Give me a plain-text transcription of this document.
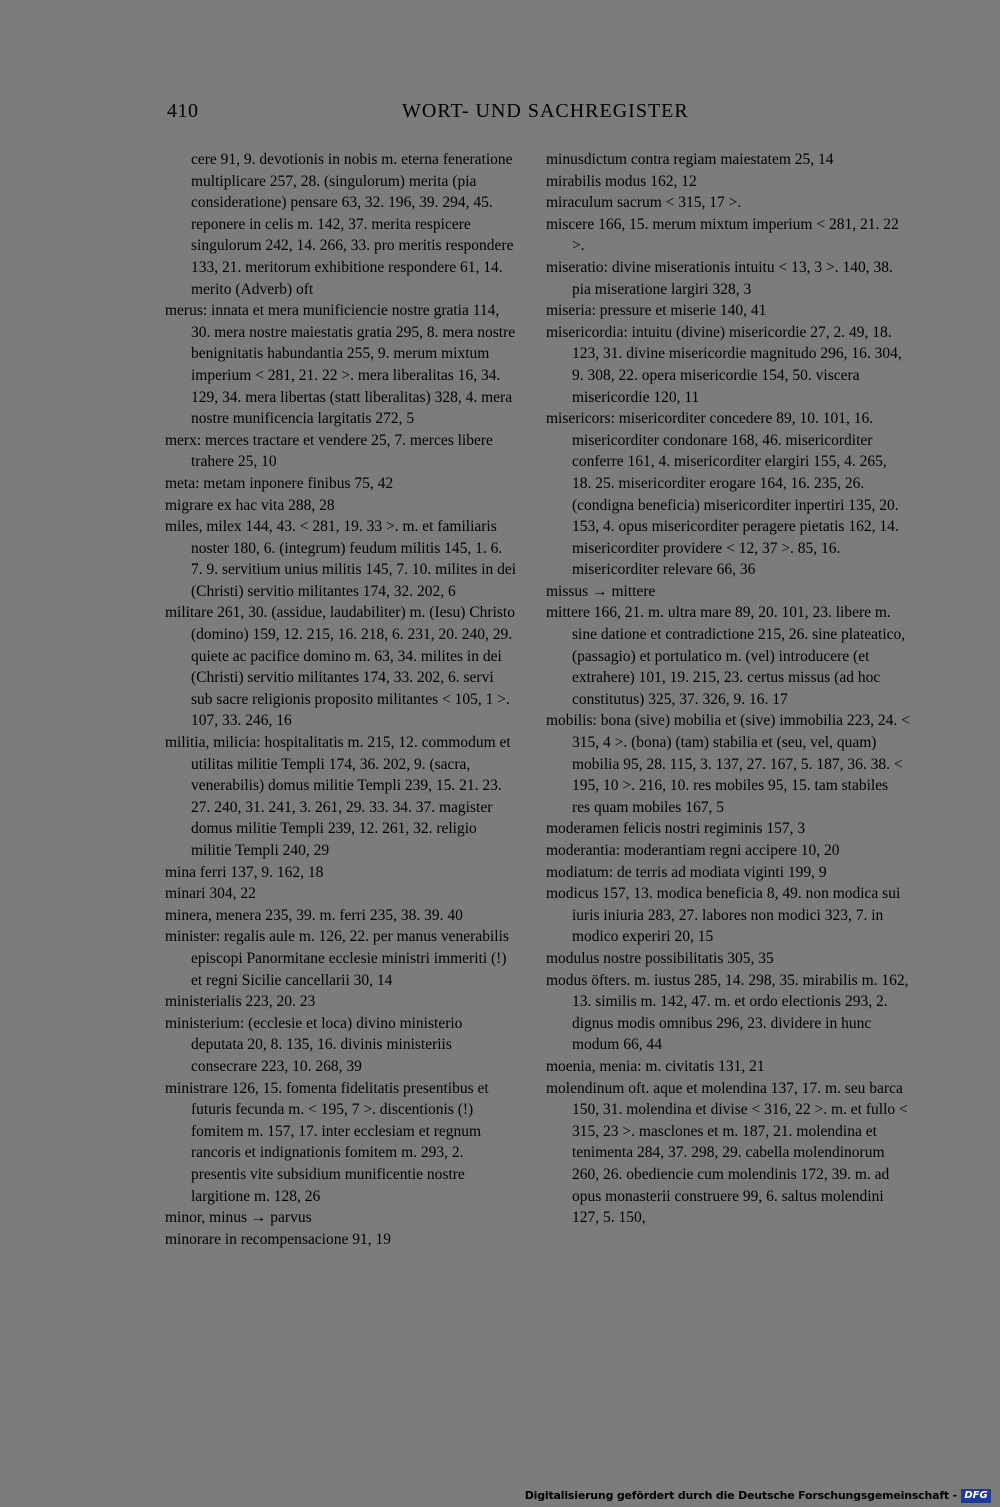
410	WORT- UND SACHREGISTER

cere 91, 9. devotionis in nobis m. eterna feneratione multiplicare 257, 28. (singulorum) merita (pia consideratione) pensare 63, 32. 196, 39. 294, 45. reponere in celis m. 142, 37. merita respicere singulorum 242, 14. 266, 33. pro meritis respondere 133, 21. meritorum exhibitione respondere 61, 14. merito (Adverb) oft

merus: innata et mera munificiencie nostre gratia 114, 30. mera nostre maiestatis gratia 295, 8. mera nostre benignitatis habundantia 255, 9. merum mixtum imperium < 281, 21. 22 >. mera liberalitas 16, 34. 129, 34. mera libertas (statt liberalitas) 328, 4. mera nostre munificencia largitatis 272, 5

merx: merces tractare et vendere 25, 7. merces libere trahere 25, 10

meta: metam inponere finibus 75, 42

migrare ex hac vita 288, 28

miles, milex 144, 43. < 281, 19. 33 >. m. et familiaris noster 180, 6. (integrum) feudum militis 145, 1. 6. 7. 9. servitium unius militis 145, 7. 10. milites in dei (Christi) servitio militantes 174, 32. 202, 6

militare 261, 30. (assidue, laudabiliter) m. (Iesu) Christo (domino) 159, 12. 215, 16. 218, 6. 231, 20. 240, 29. quiete ac pacifice domino m. 63, 34. milites in dei (Christi) servitio militantes 174, 33. 202, 6. servi sub sacre religionis proposito militantes < 105, 1 >. 107, 33. 246, 16

militia, milicia: hospitalitatis m. 215, 12. commodum et utilitas militie Templi 174, 36. 202, 9. (sacra, venerabilis) domus militie Templi 239, 15. 21. 23. 27. 240, 31. 241, 3. 261, 29. 33. 34. 37. magister domus militie Templi 239, 12. 261, 32. religio militie Templi 240, 29

mina ferri 137, 9. 162, 18

minari 304, 22

minera, menera 235, 39. m. ferri 235, 38. 39. 40

minister: regalis aule m. 126, 22. per manus venerabilis episcopi Panormitane ecclesie ministri immeriti (!) et regni Sicilie cancellarii 30, 14

ministerialis 223, 20. 23

ministerium: (ecclesie et loca) divino ministerio deputata 20, 8. 135, 16. divinis ministeriis consecrare 223, 10. 268, 39

ministrare 126, 15. fomenta fidelitatis presentibus et futuris fecunda m. < 195, 7 >. discentionis (!) fomitem m. 157, 17. inter ecclesiam et regnum rancoris et indignationis fomitem m. 293, 2. presentis vite subsidium munificentie nostre largitione m. 128, 26

minor, minus → parvus

minorare in recompensacione 91, 19

minusdictum contra regiam maiestatem 25, 14

mirabilis modus 162, 12

miraculum sacrum < 315, 17 >.

miscere 166, 15. merum mixtum imperium < 281, 21. 22 >.

miseratio: divine miserationis intuitu < 13, 3 >. 140, 38. pia miseratione largiri 328, 3

miseria: pressure et miserie 140, 41

misericordia: intuitu (divine) misericordie 27, 2. 49, 18. 123, 31. divine misericordie magnitudo 296, 16. 304, 9. 308, 22. opera misericordie 154, 50. viscera misericordie 120, 11

misericors: misericorditer concedere 89, 10. 101, 16. misericorditer condonare 168, 46. misericorditer conferre 161, 4. misericorditer elargiri 155, 4. 265, 18. 25. misericorditer erogare 164, 16. 235, 26. (condigna beneficia) misericorditer inpertiri 135, 20. 153, 4. opus misericorditer peragere pietatis 162, 14. misericorditer providere < 12, 37 >. 85, 16. misericorditer relevare 66, 36

missus → mittere

mittere 166, 21. m. ultra mare 89, 20. 101, 23. libere m. sine datione et contradictione 215, 26. sine plateatico, (passagio) et portulatico m. (vel) introducere (et extrahere) 101, 19. 215, 23. certus missus (ad hoc constitutus) 325, 37. 326, 9. 16. 17

mobilis: bona (sive) mobilia et (sive) immobilia 223, 24. < 315, 4 >. (bona) (tam) stabilia et (seu, vel, quam) mobilia 95, 28. 115, 3. 137, 27. 167, 5. 187, 36. 38. < 195, 10 >. 216, 10. res mobiles 95, 15. tam stabiles res quam mobiles 167, 5

moderamen felicis nostri regiminis 157, 3

moderantia: moderantiam regni accipere 10, 20

modiatum: de terris ad modiata viginti 199, 9

modicus 157, 13. modica beneficia 8, 49. non modica sui iuris iniuria 283, 27. labores non modici 323, 7. in modico experiri 20, 15

modulus nostre possibilitatis 305, 35

modus öfters. m. iustus 285, 14. 298, 35. mirabilis m. 162, 13. similis m. 142, 47. m. et ordo electionis 293, 2. dignus modis omnibus 296, 23. dividere in hunc modum 66, 44

moenia, menia: m. civitatis 131, 21

molendinum oft. aque et molendina 137, 17. m. seu barca 150, 31. molendina et divise < 316, 22 >. m. et fullo < 315, 23 >. masclones et m. 187, 21. molendina et tenimenta 284, 37. 298, 29. cabella molendinorum 260, 26. obedienciе cum molendinis 172, 39. m. ad opus monasterii construere 99, 6. saltus molendini 127, 5. 150,

Digitalisierung gefördert durch die Deutsche Forschungsgemeinschaft - DFG
